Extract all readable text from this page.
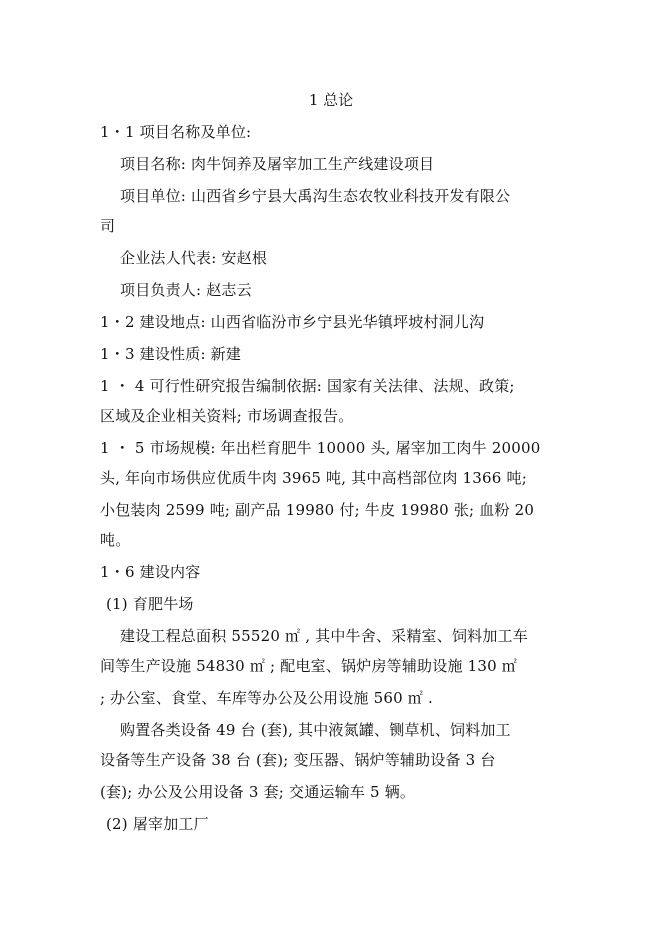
1 总论
1・1 项目名称及单位:
项目名称: 肉牛饲养及屠宰加工生产线建设项目
项目单位: 山西省乡宁县大禹沟生态农牧业科技开发有限公
司
企业法人代表: 安赵根
项目负责人: 赵志云
1・2 建设地点: 山西省临汾市乡宁县光华镇坪坡村洞儿沟
1・3 建设性质: 新建
1 ・ 4 可行性研究报告编制依据: 国家有关法律、法规、政策;
区域及企业相关资料; 市场调查报告。
1 ・ 5 市场规模: 年出栏育肥牛 10000 头, 屠宰加工肉牛 20000
头, 年向市场供应优质牛肉 3965 吨, 其中高档部位肉 1366 吨;
小包装肉 2599 吨; 副产品 19980 付; 牛皮 19980 张; 血粉 20
吨。
1・6 建设内容
(1) 育肥牛场
建设工程总面积 55520 ㎡ , 其中牛舍、采精室、饲料加工车
间等生产设施 54830 ㎡ ; 配电室、锅炉房等辅助设施 130 ㎡
; 办公室、食堂、车库等办公及公用设施 560 ㎡ .
购置各类设备 49 台 (套), 其中液氮罐、铡草机、饲料加工
设备等生产设备 38 台 (套); 变压器、锅炉等辅助设备 3 台
(套); 办公及公用设备 3 套; 交通运输车 5 辆。
(2) 屠宰加工厂
